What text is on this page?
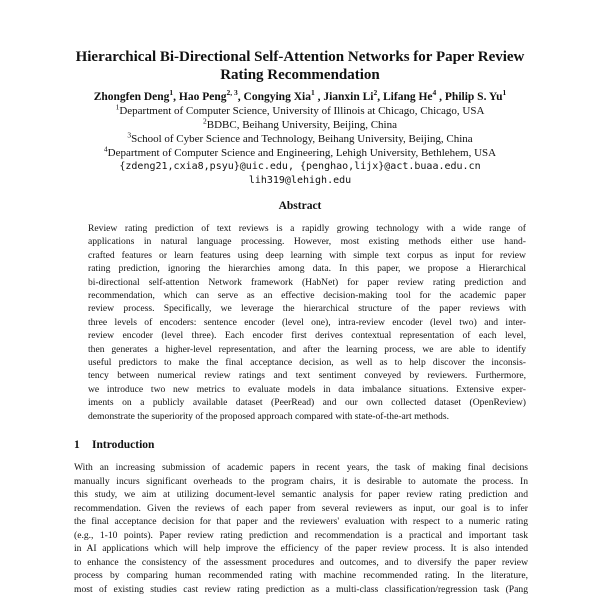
Hierarchical Bi-Directional Self-Attention Networks for Paper Review
Rating Recommendation
Zhongfen Deng$^1$, Hao Peng$^{2, 3}$, Congying Xia$^1$ , Jianxin Li$^2$, Lifang He$^4$ , Philip S. Yu$^1$
$^1$Department of Computer Science, University of Illinois at Chicago, Chicago, USA
$^2$BDBC, Beihang University, Beijing, China
$^3$School of Cyber Science and Technology, Beihang University, Beijing, China
$^4$Department of Computer Science and Engineering, Lehigh University, Bethlehem, USA
{zdeng21,cxia8,psyu}@uic.edu, {penghao,lijx}@act.buaa.edu.cn
lih319@lehigh.edu
Abstract

Review rating prediction of text reviews is a rapidly growing technology with a wide range of
applications in natural language processing. However, most existing methods either use hand-
crafted features or learn features using deep learning with simple text corpus as input for review
rating prediction, ignoring the hierarchies among data. In this paper, we propose a Hierarchical
bi-directional self-attention Network framework (HabNet) for paper review rating prediction and
recommendation, which can serve as an effective decision-making tool for the academic paper
review process. Specifically, we leverage the hierarchical structure of the paper reviews with
three levels of encoders: sentence encoder (level one), intra-review encoder (level two) and inter-
review encoder (level three). Each encoder first derives contextual representation of each level,
then generates a higher-level representation, and after the learning process, we are able to identify
useful predictors to make the final acceptance decision, as well as to help discover the inconsis-
tency between numerical review ratings and text sentiment conveyed by reviewers. Furthermore,
we introduce two new metrics to evaluate models in data imbalance situations. Extensive exper-
iments on a publicly available dataset (PeerRead) and our own collected dataset (OpenReview)
demonstrate the superiority of the proposed approach compared with state-of-the-art methods.

1 Introduction

With an increasing submission of academic papers in recent years, the task of making final decisions
manually incurs significant overheads to the program chairs, it is desirable to automate the process. In
this study, we aim at utilizing document-level semantic analysis for paper review rating prediction and
recommendation. Given the reviews of each paper from several reviewers as input, our goal is to infer
the final acceptance decision for that paper and the reviewers' evaluation with respect to a numeric rating
(e.g., 1-10 points). Paper review rating prediction and recommendation is a practical and important task
in AI applications which will help improve the efficiency of the paper review process. It is also intended
to enhance the consistency of the assessment procedures and outcomes, and to diversify the paper review
process by comparing human recommended rating with machine recommended rating. In the literature,
most of existing studies cast review rating prediction as a multi-class classification/regression task (Pang
